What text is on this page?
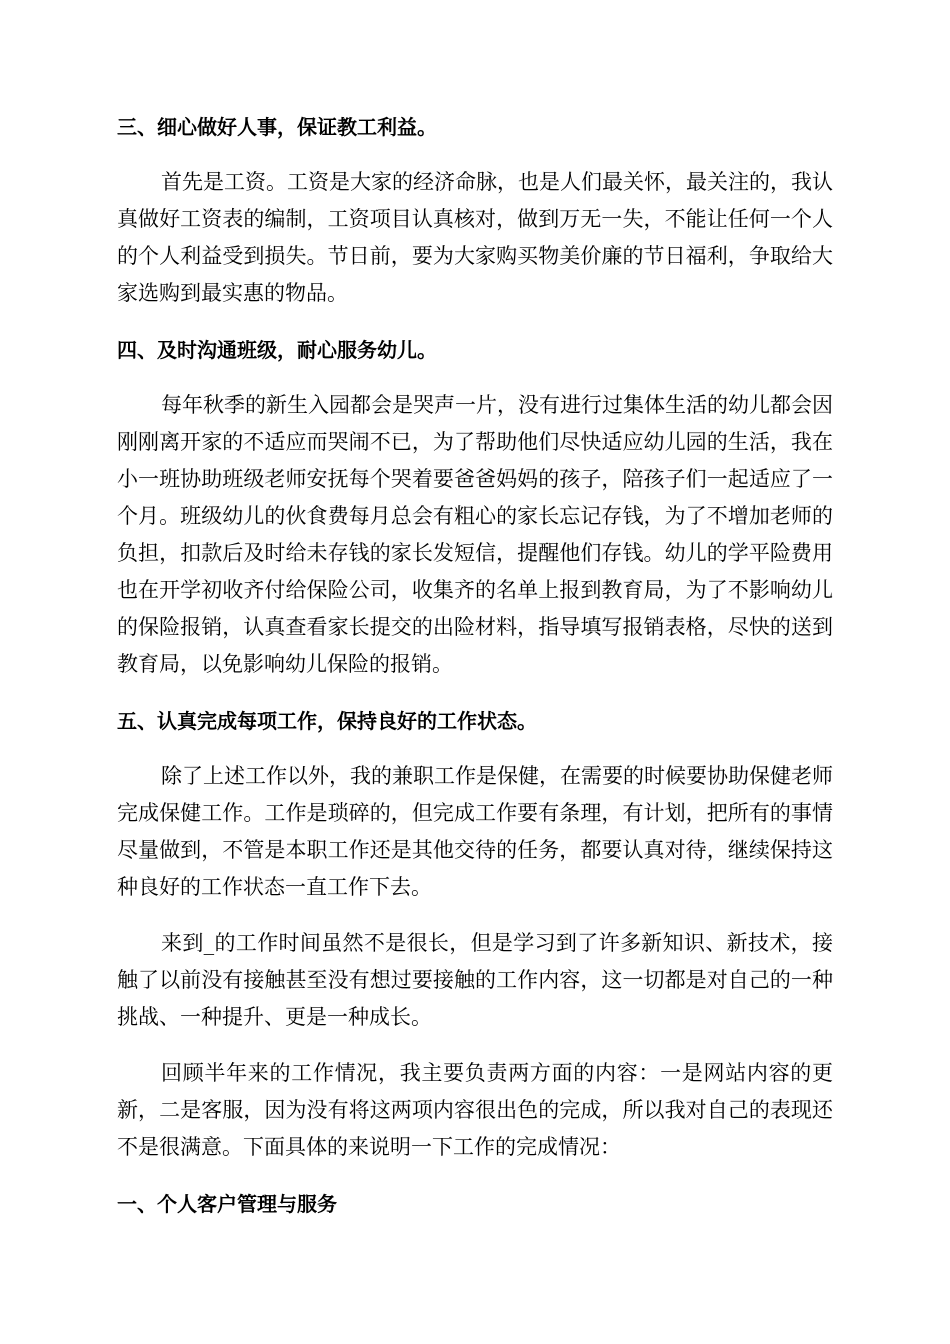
三、细心做好人事，保证教工利益。

首先是工资。工资是大家的经济命脉，也是人们最关怀，最关注的，我认真做好工资表的编制，工资项目认真核对，做到万无一失，不能让任何一个人的个人利益受到损失。节日前，要为大家购买物美价廉的节日福利，争取给大家选购到最实惠的物品。

四、及时沟通班级，耐心服务幼儿。

每年秋季的新生入园都会是哭声一片，没有进行过集体生活的幼儿都会因刚刚离开家的不适应而哭闹不已，为了帮助他们尽快适应幼儿园的生活，我在小一班协助班级老师安抚每个哭着要爸爸妈妈的孩子，陪孩子们一起适应了一个月。班级幼儿的伙食费每月总会有粗心的家长忘记存钱，为了不增加老师的负担，扣款后及时给未存钱的家长发短信，提醒他们存钱。幼儿的学平险费用也在开学初收齐付给保险公司，收集齐的名单上报到教育局，为了不影响幼儿的保险报销，认真查看家长提交的出险材料，指导填写报销表格，尽快的送到教育局，以免影响幼儿保险的报销。

五、认真完成每项工作，保持良好的工作状态。

除了上述工作以外，我的兼职工作是保健，在需要的时候要协助保健老师完成保健工作。工作是琐碎的，但完成工作要有条理，有计划，把所有的事情尽量做到，不管是本职工作还是其他交待的任务，都要认真对待，继续保持这种良好的工作状态一直工作下去。

来到_的工作时间虽然不是很长，但是学习到了许多新知识、新技术，接触了以前没有接触甚至没有想过要接触的工作内容，这一切都是对自己的一种挑战、一种提升、更是一种成长。

回顾半年来的工作情况，我主要负责两方面的内容：一是网站内容的更新，二是客服，因为没有将这两项内容很出色的完成，所以我对自己的表现还不是很满意。下面具体的来说明一下工作的完成情况：

一、个人客户管理与服务
